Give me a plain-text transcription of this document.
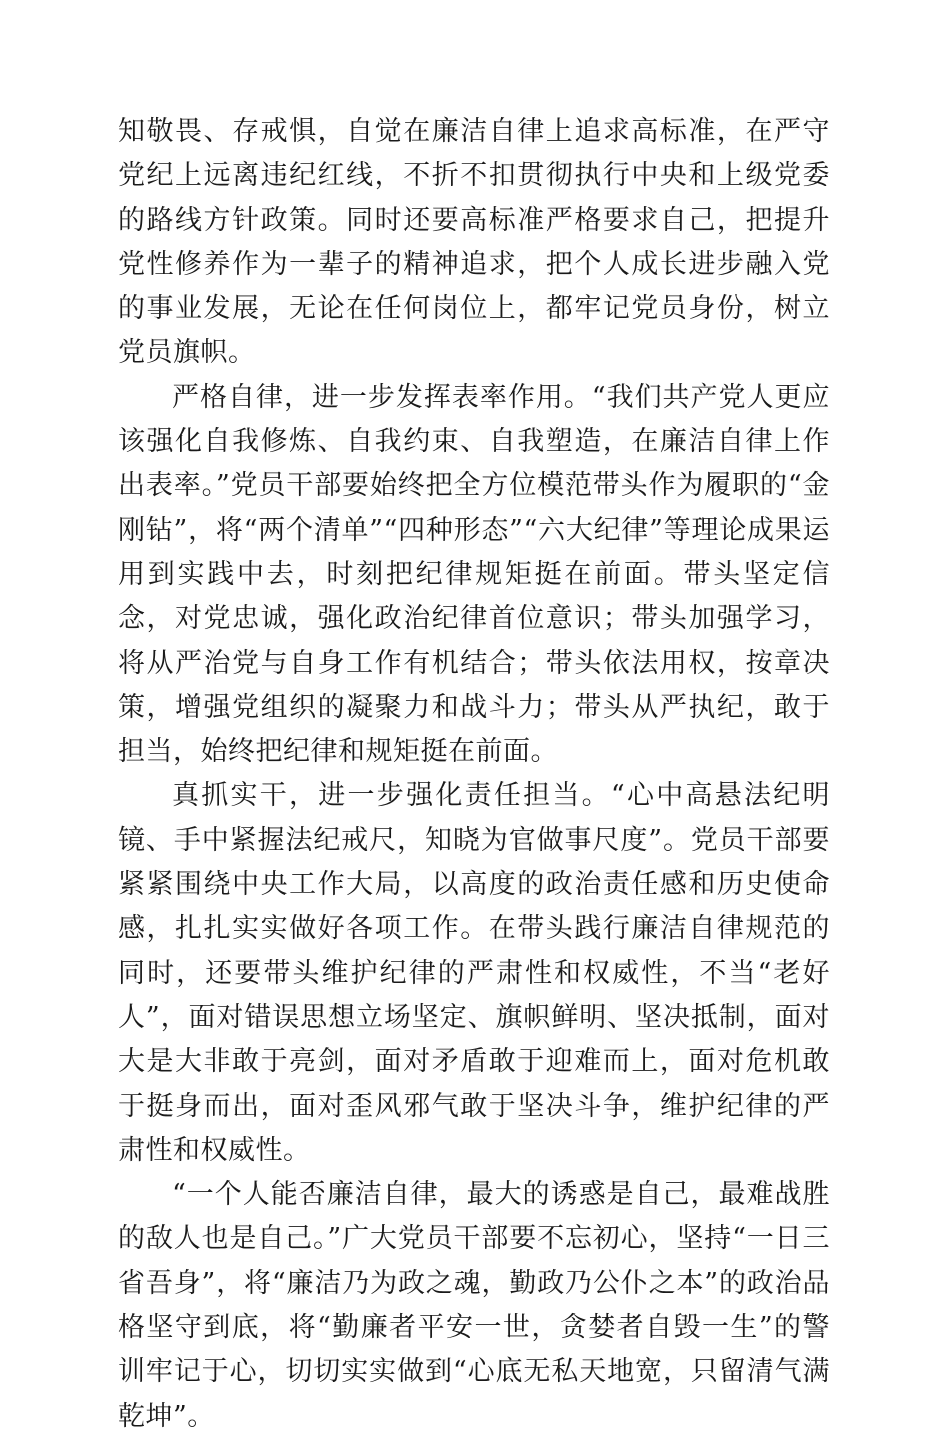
知敬畏、存戒惧，自觉在廉洁自律上追求高标准，在严守党纪上远离违纪红线，不折不扣贯彻执行中央和上级党委的路线方针政策。同时还要高标准严格要求自己，把提升党性修养作为一辈子的精神追求，把个人成长进步融入党的事业发展，无论在任何岗位上，都牢记党员身份，树立党员旗帜。

严格自律，进一步发挥表率作用。“我们共产党人更应该强化自我修炼、自我约束、自我塑造，在廉洁自律上作出表率。”党员干部要始终把全方位模范带头作为履职的“金刚钻”，将“两个清单”“四种形态”“六大纪律”等理论成果运用到实践中去，时刻把纪律规矩挺在前面。带头坚定信念，对党忠诚，强化政治纪律首位意识；带头加强学习，将从严治党与自身工作有机结合；带头依法用权，按章决策，增强党组织的凝聚力和战斗力；带头从严执纪，敢于担当，始终把纪律和规矩挺在前面。

真抓实干，进一步强化责任担当。“心中高悬法纪明镜、手中紧握法纪戒尺，知晓为官做事尺度”。党员干部要紧紧围绕中央工作大局，以高度的政治责任感和历史使命感，扎扎实实做好各项工作。在带头践行廉洁自律规范的同时，还要带头维护纪律的严肃性和权威性，不当“老好人”，面对错误思想立场坚定、旗帜鲜明、坚决抵制，面对大是大非敢于亮剑，面对矛盾敢于迎难而上，面对危机敢于挺身而出，面对歪风邪气敢于坚决斗争，维护纪律的严肃性和权威性。

“一个人能否廉洁自律，最大的诱惑是自己，最难战胜的敌人也是自己。”广大党员干部要不忘初心，坚持“一日三省吾身”，将“廉洁乃为政之魂，勤政乃公仆之本”的政治品格坚守到底，将“勤廉者平安一世，贪婪者自毁一生”的警训牢记于心，切切实实做到“心底无私天地宽，只留清气满乾坤”。
